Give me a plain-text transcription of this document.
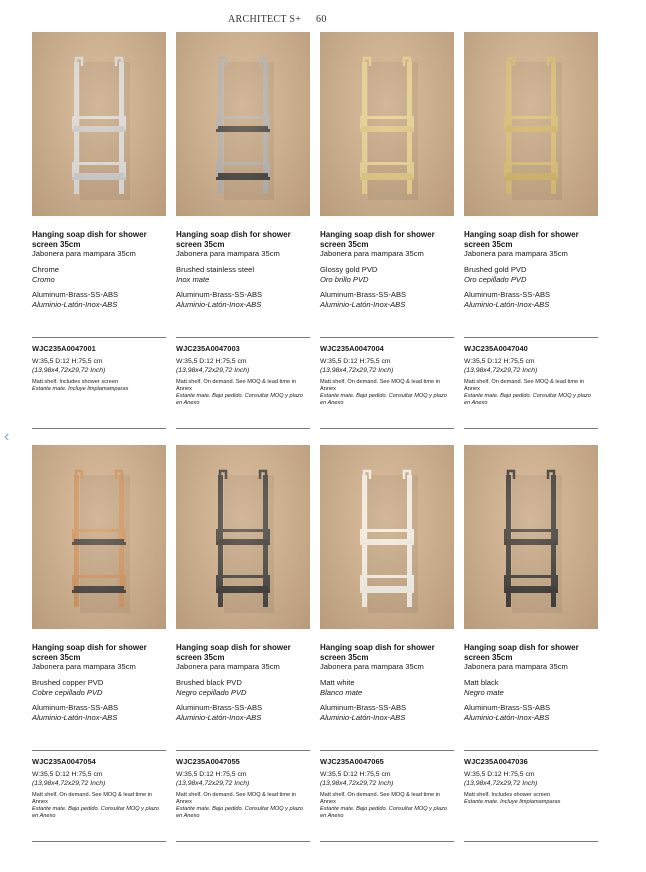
ARCHITECT S+ 60
‹
Hanging soap dish for shower screen 35cm
Jabonera para mampara 35cm
Chrome
Cromo
Aluminum-Brass-SS-ABS
Aluminio-Latón-Inox-ABS
WJC235A0047001
W:35,5 D:12 H:75,5 cm
(13,98x4,72x29,72 Inch)
Matt shelf. Includes shower screen
Estante mate. Incluye limpiamamparas
Hanging soap dish for shower screen 35cm
Jabonera para mampara 35cm
Brushed stainless steel
Inox mate
Aluminum-Brass-SS-ABS
Aluminio-Latón-Inox-ABS
WJC235A0047003
W:35,5 D:12 H:75,5 cm
(13,98x4,72x29,72 Inch)
Matt shelf. On demand. See MOQ & lead time in Annex
Estante mate. Bajo pedido. Consultar MOQ y plazo en Anexo
Hanging soap dish for shower screen 35cm
Jabonera para mampara 35cm
Glossy gold PVD
Oro brillo PVD
Aluminum-Brass-SS-ABS
Aluminio-Latón-Inox-ABS
WJC235A0047004
W:35,5 D:12 H:75,5 cm
(13,98x4,72x29,72 Inch)
Matt shelf. On demand. See MOQ & lead time in Annex
Estante mate. Bajo pedido. Consultar MOQ y plazo en Anexo
Hanging soap dish for shower screen 35cm
Jabonera para mampara 35cm
Brushed gold PVD
Oro cepillado PVD
Aluminum-Brass-SS-ABS
Aluminio-Latón-Inox-ABS
WJC235A0047040
W:35,5 D:12 H:75,5 cm
(13,98x4,72x29,72 Inch)
Matt shelf. On demand. See MOQ & lead time in Annex
Estante mate. Bajo pedido. Consultar MOQ y plazo en Anexo
Hanging soap dish for shower screen 35cm
Jabonera para mampara 35cm
Brushed copper PVD
Cobre cepillado PVD
Aluminum-Brass-SS-ABS
Aluminio-Latón-Inox-ABS
WJC235A0047054
W:35,5 D:12 H:75,5 cm
(13,98x4,72x29,72 Inch)
Matt shelf. On demand. See MOQ & lead time in Annex
Estante mate. Bajo pedido. Consultar MOQ y plazo en Anexo
Hanging soap dish for shower screen 35cm
Jabonera para mampara 35cm
Brushed black PVD
Negro cepillado PVD
Aluminum-Brass-SS-ABS
Aluminio-Latón-Inox-ABS
WJC235A0047055
W:35,5 D:12 H:75,5 cm
(13,98x4,72x29,72 Inch)
Matt shelf. On demand. See MOQ & lead time in Annex
Estante mate. Bajo pedido. Consultar MOQ y plazo en Anexo
Hanging soap dish for shower screen 35cm
Jabonera para mampara 35cm
Matt white
Blanco mate
Aluminum-Brass-SS-ABS
Aluminio-Latón-Inox-ABS
WJC235A0047065
W:35,5 D:12 H:75,5 cm
(13,98x4,72x29,72 Inch)
Matt shelf. On demand. See MOQ & lead time in Annex
Estante mate. Bajo pedido. Consultar MOQ y plazo en Anexo
Hanging soap dish for shower screen 35cm
Jabonera para mampara 35cm
Matt black
Negro mate
Aluminum-Brass-SS-ABS
Aluminio-Latón-Inox-ABS
WJC235A0047036
W:35,5 D:12 H:75,5 cm
(13,98x4,72x29,72 Inch)
Matt shelf. Includes shower screen
Estante mate. Incluye limpiamamparas
